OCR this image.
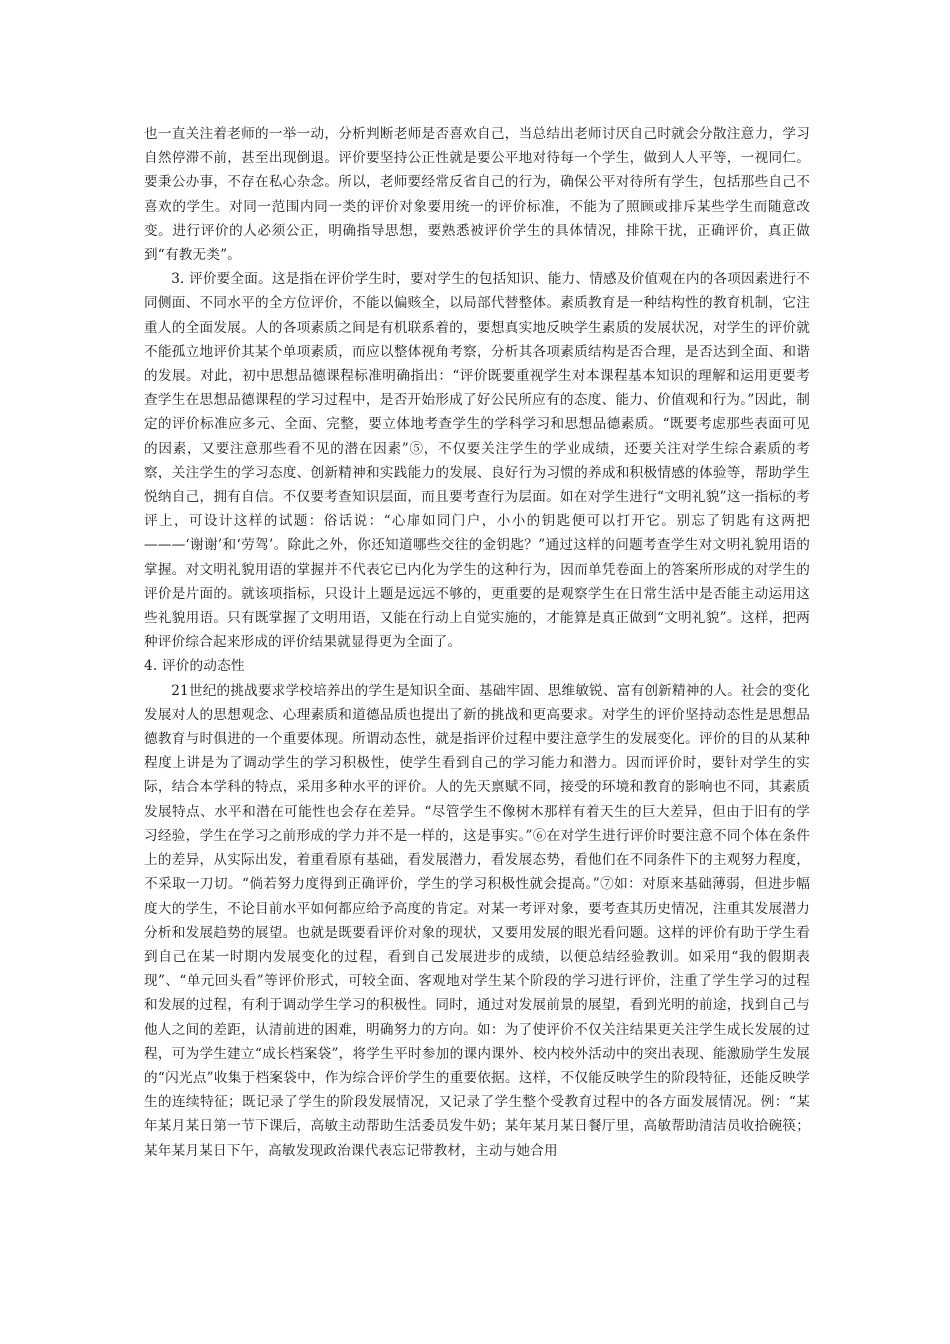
也一直关注着老师的一举一动，分析判断老师是否喜欢自己，当总结出老师讨厌自己时就会分散注意力，学习自然停滞不前，甚至出现倒退。评价要坚持公正性就是要公平地对待每一个学生，做到人人平等，一视同仁。要秉公办事，不存在私心杂念。所以，老师要经常反省自己的行为，确保公平对待所有学生，包括那些自己不喜欢的学生。对同一范围内同一类的评价对象要用统一的评价标准，不能为了照顾或排斥某些学生而随意改变。进行评价的人必须公正，明确指导思想，要熟悉被评价学生的具体情况，排除干扰，正确评价，真正做到“有教无类”。

3. 评价要全面。这是指在评价学生时，要对学生的包括知识、能力、情感及价值观在内的各项因素进行不同侧面、不同水平的全方位评价，不能以偏赅全，以局部代替整体。素质教育是一种结构性的教育机制，它注重人的全面发展。人的各项素质之间是有机联系着的，要想真实地反映学生素质的发展状况，对学生的评价就不能孤立地评价其某个单项素质，而应以整体视角考察，分析其各项素质结构是否合理，是否达到全面、和谐的发展。对此，初中思想品德课程标准明确指出：“评价既要重视学生对本课程基本知识的理解和运用更要考查学生在思想品德课程的学习过程中，是否开始形成了好公民所应有的态度、能力、价值观和行为。”因此，制定的评价标准应多元、全面、完整，要立体地考查学生的学科学习和思想品德素质。“既要考虑那些表面可见的因素，又要注意那些看不见的潜在因素”⑤，不仅要关注学生的学业成绩，还要关注对学生综合素质的考察，关注学生的学习态度、创新精神和实践能力的发展、良好行为习惯的养成和积极情感的体验等，帮助学生悦纳自己，拥有自信。不仅要考查知识层面，而且要考查行为层面。如在对学生进行“文明礼貌”这一指标的考评上，可设计这样的试题：俗话说：“心扉如同门户，小小的钥匙便可以打开它。别忘了钥匙有这两把———‘谢谢’和‘劳驾’。除此之外，你还知道哪些交往的金钥匙？”通过这样的问题考查学生对文明礼貌用语的掌握。对文明礼貌用语的掌握并不代表它已内化为学生的这种行为，因而单凭卷面上的答案所形成的对学生的评价是片面的。就该项指标，只设计上题是远远不够的，更重要的是观察学生在日常生活中是否能主动运用这些礼貌用语。只有既掌握了文明用语，又能在行动上自觉实施的，才能算是真正做到“文明礼貌”。这样，把两种评价综合起来形成的评价结果就显得更为全面了。

4. 评价的动态性

21世纪的挑战要求学校培养出的学生是知识全面、基础牢固、思维敏锐、富有创新精神的人。社会的变化发展对人的思想观念、心理素质和道德品质也提出了新的挑战和更高要求。对学生的评价坚持动态性是思想品德教育与时俱进的一个重要体现。所谓动态性，就是指评价过程中要注意学生的发展变化。评价的目的从某种程度上讲是为了调动学生的学习积极性，使学生看到自己的学习能力和潜力。因而评价时，要针对学生的实际，结合本学科的特点，采用多种水平的评价。人的先天禀赋不同，接受的环境和教育的影响也不同，其素质发展特点、水平和潜在可能性也会存在差异。“尽管学生不像树木那样有着天生的巨大差异，但由于旧有的学习经验，学生在学习之前形成的学力并不是一样的，这是事实。”⑥在对学生进行评价时要注意不同个体在条件上的差异，从实际出发，着重看原有基础，看发展潜力，看发展态势，看他们在不同条件下的主观努力程度，不采取一刀切。“倘若努力度得到正确评价，学生的学习积极性就会提高。”⑦如：对原来基础薄弱，但进步幅度大的学生，不论目前水平如何都应给予高度的肯定。对某一考评对象，要考查其历史情况，注重其发展潜力分析和发展趋势的展望。也就是既要看评价对象的现状，又要用发展的眼光看问题。这样的评价有助于学生看到自己在某一时期内发展变化的过程，看到自己发展进步的成绩，以便总结经验教训。如采用“我的假期表现”、“单元回头看”等评价形式，可较全面、客观地对学生某个阶段的学习进行评价，注重了学生学习的过程和发展的过程，有利于调动学生学习的积极性。同时，通过对发展前景的展望，看到光明的前途，找到自己与他人之间的差距，认清前进的困难，明确努力的方向。如：为了使评价不仅关注结果更关注学生成长发展的过程，可为学生建立“成长档案袋”，将学生平时参加的课内课外、校内校外活动中的突出表现、能激励学生发展的“闪光点”收集于档案袋中，作为综合评价学生的重要依据。这样，不仅能反映学生的阶段特征，还能反映学生的连续特征；既记录了学生的阶段发展情况，又记录了学生整个受教育过程中的各方面发展情况。例：“某年某月某日第一节下课后，高敏主动帮助生活委员发牛奶；某年某月某日餐厅里，高敏帮助清洁员收拾碗筷；某年某月某日下午，高敏发现政治课代表忘记带教材，主动与她合用
